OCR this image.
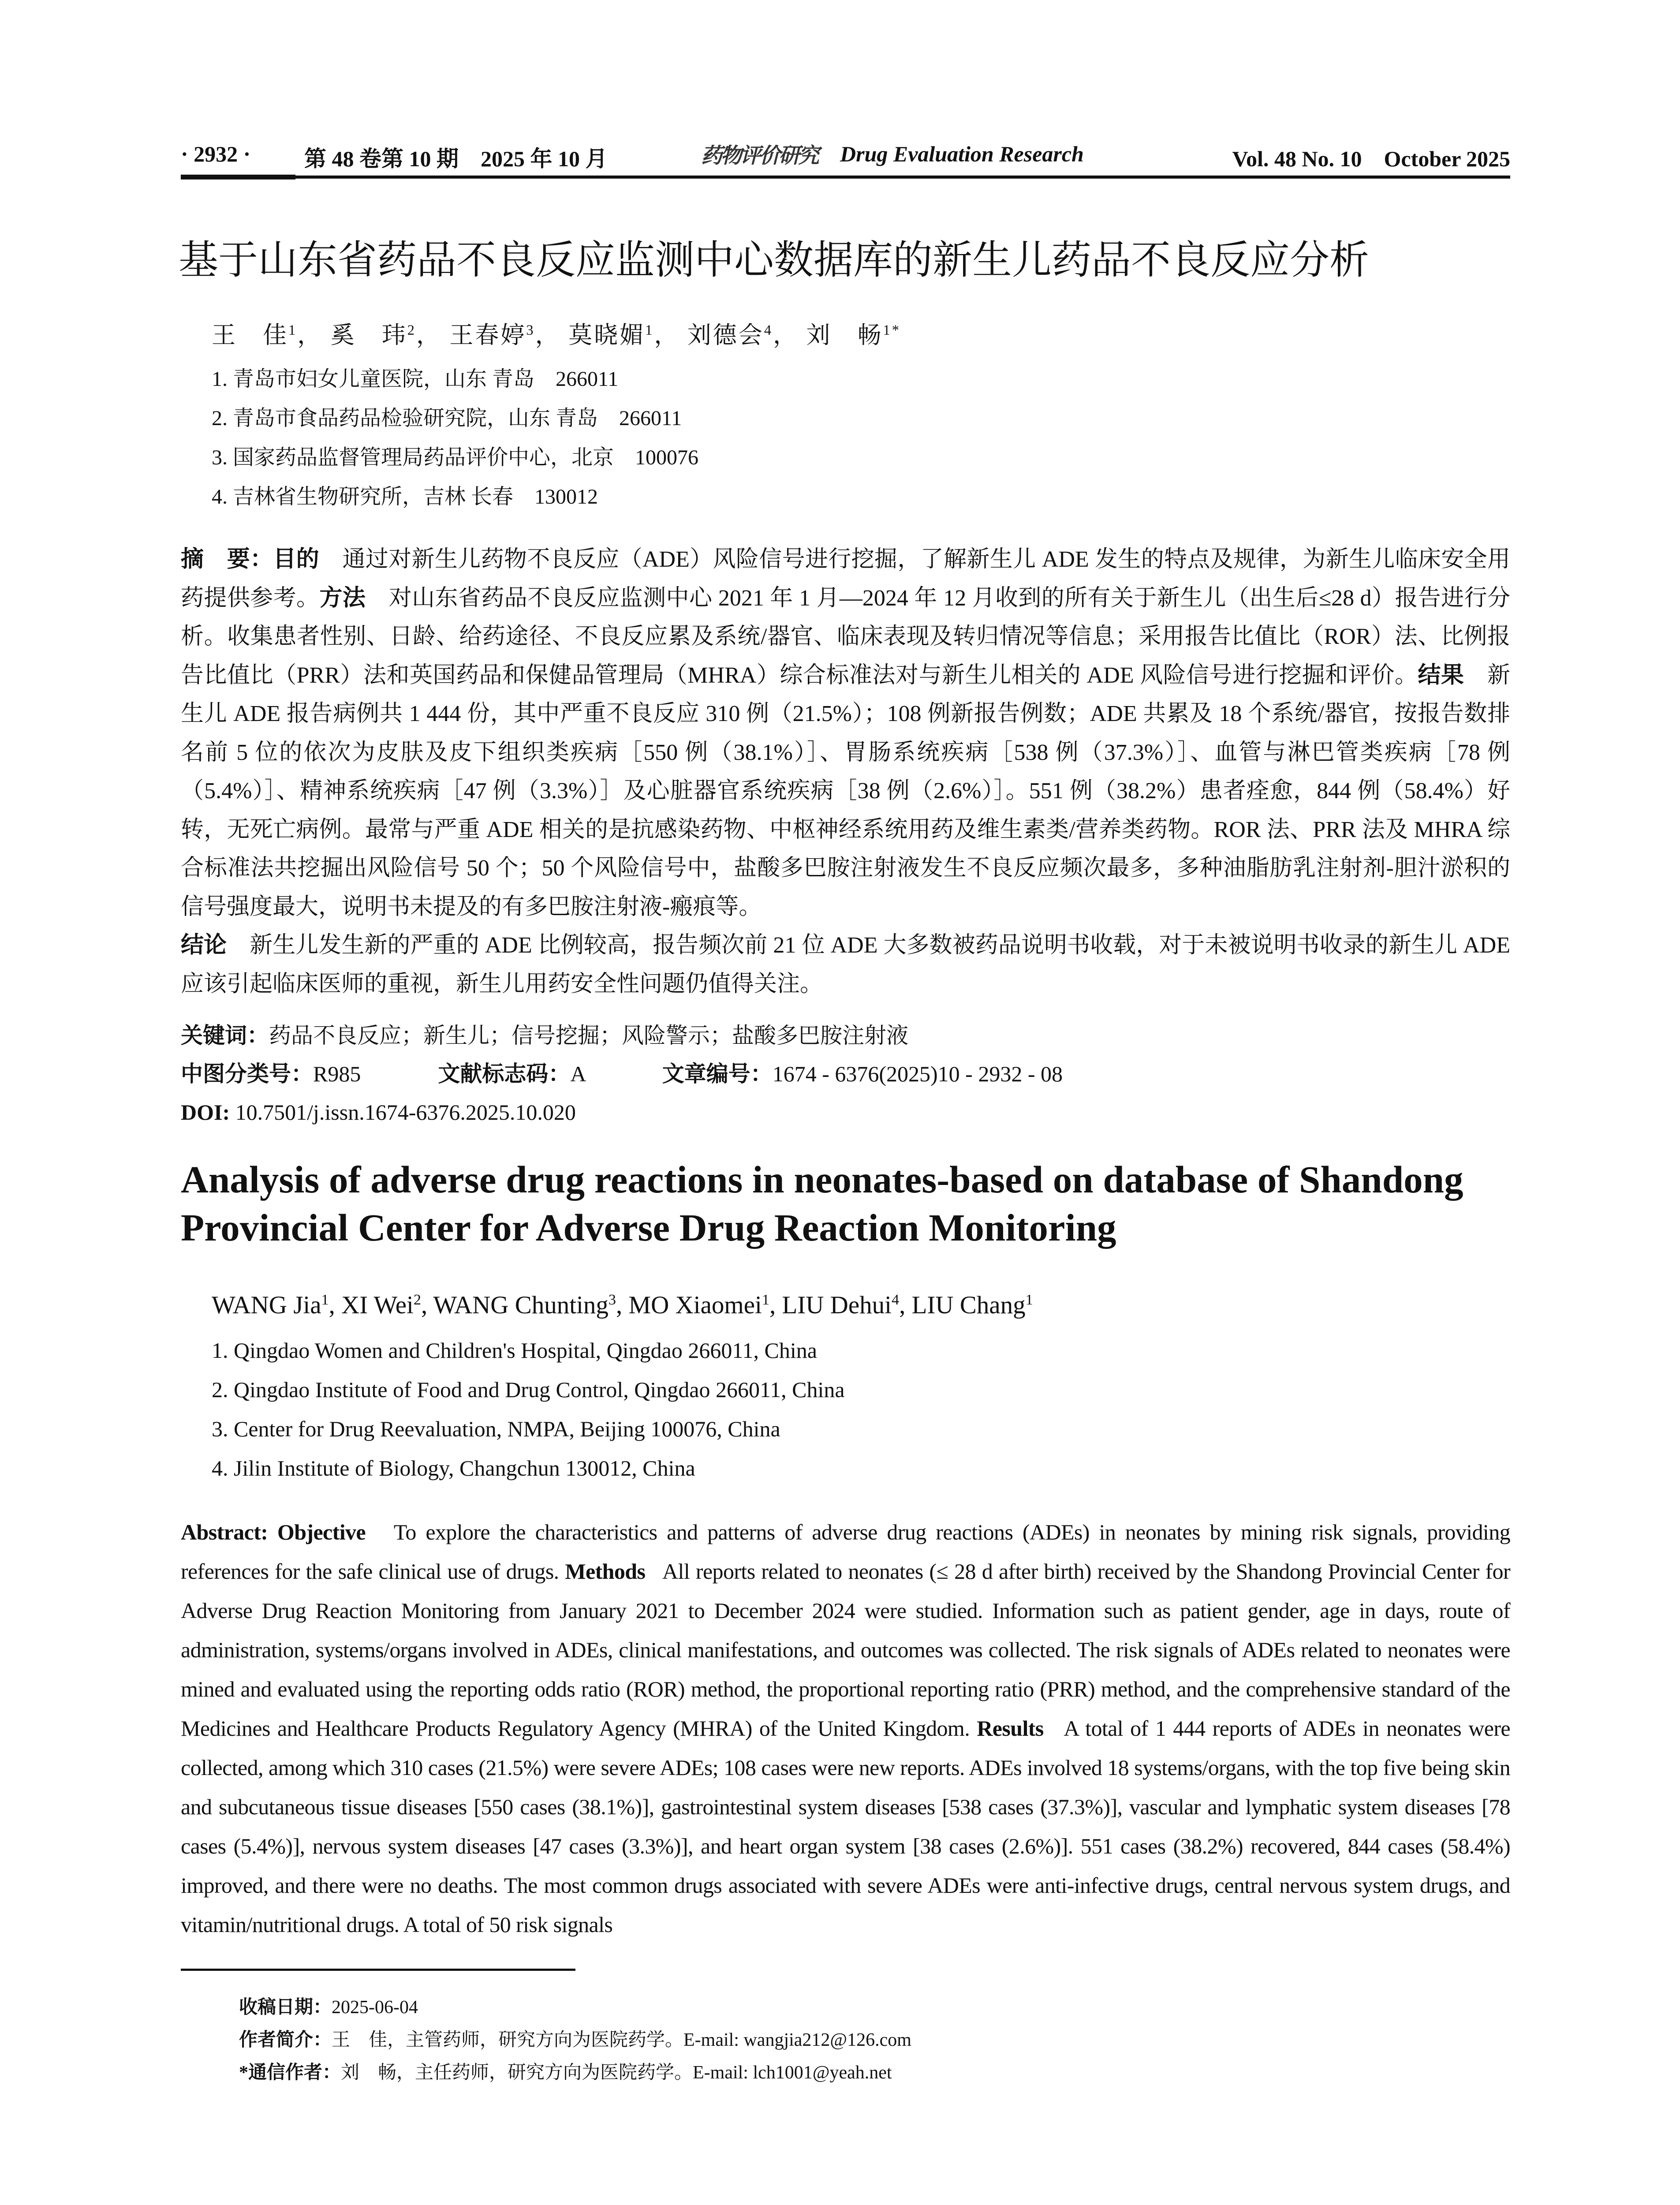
· 2932 · 第 48 卷第 10 期　2025 年 10 月	药物评价研究 Drug Evaluation Research	Vol. 48 No. 10　October 2025
基于山东省药品不良反应监测中心数据库的新生儿药品不良反应分析
王　佳$^1$， 奚　玮$^2$， 王春婷$^3$， 莫晓媚$^1$， 刘德会$^4$， 刘　畅$^{1*}$
1. 青岛市妇女儿童医院，山东 青岛　266011
2. 青岛市食品药品检验研究院，山东 青岛　266011
3. 国家药品监督管理局药品评价中心，北京　100076
4. 吉林省生物研究所，吉林 长春　130012
摘　要：目的　 通过对新生儿药物不良反应（ADE）风险信号进行挖掘，了解新生儿 ADE 发生的特点及规律，为新生儿临床安全用药提供参考。方法　 对山东省药品不良反应监测中心 2021 年 1 月—2024 年 12 月收到的所有关于新生儿（出生后≤28 d）报告进行分析。收集患者性别、日龄、给药途径、不良反应累及系统/器官、临床表现及转归情况等信息；采用报告比值比（ROR）法、比例报告比值比（PRR）法和英国药品和保健品管理局（MHRA）综合标准法对与新生儿相关的 ADE 风险信号进行挖掘和评价。结果　 新生儿 ADE 报告病例共 1 444 份，其中严重不良反应 310 例（21.5%）；108 例新报告例数；ADE 共累及 18 个系统/器官，按报告数排名前 5 位的依次为皮肤及皮下组织类疾病［550 例（38.1%）］、胃肠系统疾病［538 例（37.3%）］、血管与淋巴管类疾病［78 例（5.4%）］、精神系统疾病［47 例（3.3%）］及心脏器官系统疾病［38 例（2.6%）］。551 例（38.2%）患者痊愈，844 例（58.4%）好转，无死亡病例。最常与严重 ADE 相关的是抗感染药物、中枢神经系统用药及维生素类/营养类药物。ROR 法、PRR 法及 MHRA 综合标准法共挖掘出风险信号 50 个；50 个风险信号中，盐酸多巴胺注射液发生不良反应频次最多，多种油脂肪乳注射剂-胆汁淤积的信号强度最大，说明书未提及的有多巴胺注射液-瘢痕等。
结论　 新生儿发生新的严重的 ADE 比例较高，报告频次前 21 位 ADE 大多数被药品说明书收载，对于未被说明书收录的新生儿 ADE 应该引起临床医师的重视，新生儿用药安全性问题仍值得关注。
关键词：药品不良反应；新生儿；信号挖掘；风险警示；盐酸多巴胺注射液
中图分类号：R985	文献标志码：A	文章编号：1674 - 6376(2025)10 - 2932 - 08
DOI: 10.7501/j.issn.1674-6376.2025.10.020
Analysis of adverse drug reactions in neonates-based on database of Shandong Provincial Center for Adverse Drug Reaction Monitoring
WANG Jia$^1$, XI Wei$^2$, WANG Chunting$^3$, MO Xiaomei$^1$, LIU Dehui$^4$, LIU Chang$^1$
1. Qingdao Women and Children's Hospital, Qingdao 266011, China
2. Qingdao Institute of Food and Drug Control, Qingdao 266011, China
3. Center for Drug Reevaluation, NMPA, Beijing 100076, China
4. Jilin Institute of Biology, Changchun 130012, China
Abstract: Objective To explore the characteristics and patterns of adverse drug reactions (ADEs) in neonates by mining risk signals, providing references for the safe clinical use of drugs. Methods All reports related to neonates (≤ 28 d after birth) received by the Shandong Provincial Center for Adverse Drug Reaction Monitoring from January 2021 to December 2024 were studied. Information such as patient gender, age in days, route of administration, systems/organs involved in ADEs, clinical manifestations, and outcomes was collected. The risk signals of ADEs related to neonates were mined and evaluated using the reporting odds ratio (ROR) method, the proportional reporting ratio (PRR) method, and the comprehensive standard of the Medicines and Healthcare Products Regulatory Agency (MHRA) of the United Kingdom. Results A total of 1 444 reports of ADEs in neonates were collected, among which 310 cases (21.5%) were severe ADEs; 108 cases were new reports. ADEs involved 18 systems/organs, with the top five being skin and subcutaneous tissue diseases [550 cases (38.1%)], gastrointestinal system diseases [538 cases (37.3%)], vascular and lymphatic system diseases [78 cases (5.4%)], nervous system diseases [47 cases (3.3%)], and heart organ system [38 cases (2.6%)]. 551 cases (38.2%) recovered, 844 cases (58.4%) improved, and there were no deaths. The most common drugs associated with severe ADEs were anti-infective drugs, central nervous system drugs, and vitamin/nutritional drugs. A total of 50 risk signals
收稿日期：2025-06-04
作者简介：王　佳，主管药师，研究方向为医院药学。E-mail: wangjia212@126.com
*通信作者：刘　畅，主任药师，研究方向为医院药学。E-mail: lch1001@yeah.net
